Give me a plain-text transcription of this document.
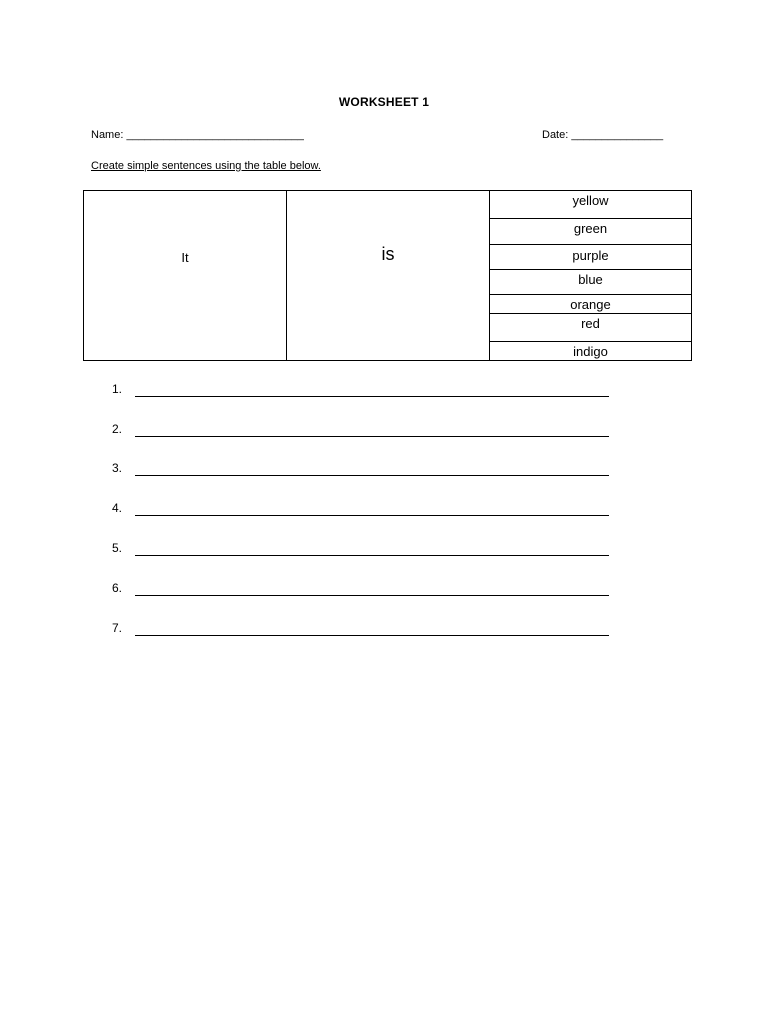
WORKSHEET 1
Name: _____________________________	Date: _______________
Create simple sentences using the table below.
It	is
yellow
green
purple
blue
orange
red
indigo
1.
2.
3.
4.
5.
6.
7.
